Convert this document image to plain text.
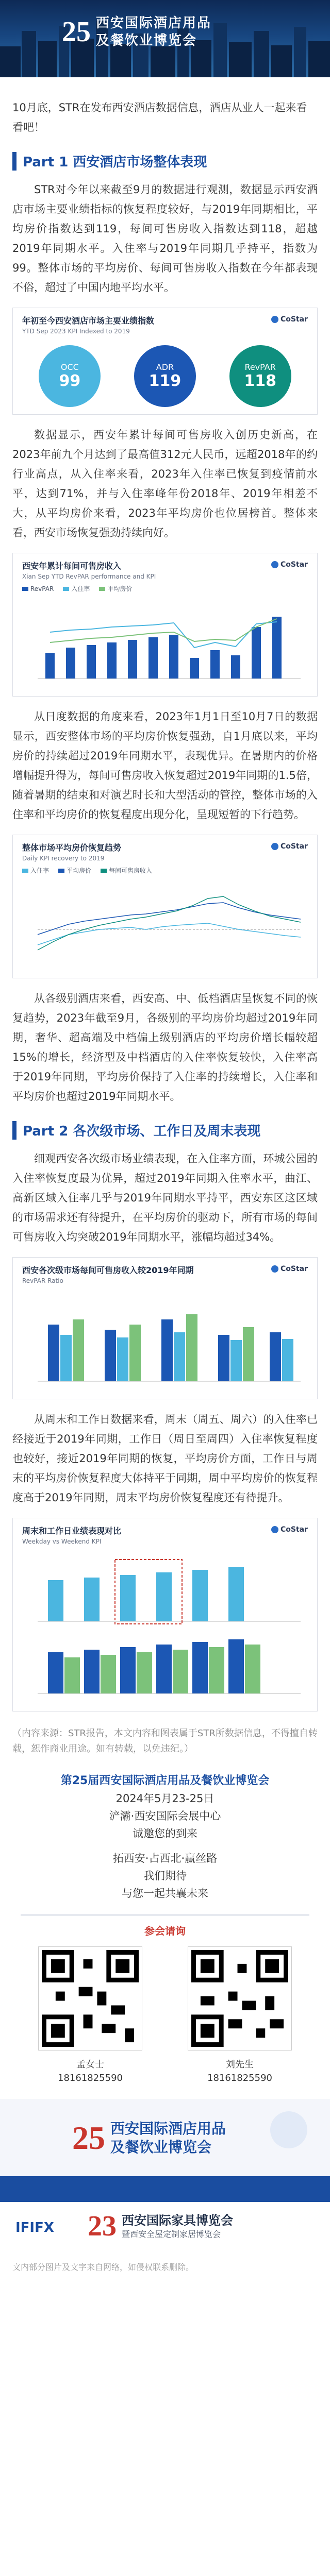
25 西安国际酒店用品
及餐饮业博览会
10月底，STR在发布西安酒店数据信息，酒店从业人一起来看看吧！
Part 1 西安酒店市场整体表现

STR对今年以来截至9月的数据进行观测，数据显示西安酒店市场主要业绩指标的恢复程度较好，与2019年同期相比，平均房价指数达到119，每间可售房收入指数达到118，超越2019年同期水平。入住率与2019年同期几乎持平，指数为99。整体市场的平均房价、每间可售房收入指数在今年都表现不俗，超过了中国内地平均水平。

年初至今西安酒店市场主要业绩指数
YTD Sep 2023 KPI Indexed to 2019
CoStar
OCC
99
ADR
119
RevPAR
118

数据显示，西安年累计每间可售房收入创历史新高，在2023年前九个月达到了最高值312元人民币，远超2018年的约行业高点，从入住率来看，2023年入住率已恢复到疫情前水平，达到71%，并与入住率峰年份2018年、2019年相差不大，从平均房价来看，2023年平均房价也位居榜首。整体来看，西安市场恢复强劲持续向好。

西安年累计每间可售房收入
Xian Sep YTD RevPAR performance and KPI
CoStar
RevPAR	入住率	平均房价

从日度数据的角度来看，2023年1月1日至10月7日的数据显示，西安整体市场的平均房价恢复强劲，自1月底以来，平均房价的持续超过2019年同期水平，表现优异。在暑期内的价格增幅提升得为，每间可售房收入恢复超过2019年同期的1.5倍，随着暑期的结束和对演艺时长和大型活动的管控，整体市场的入住率和平均房价的恢复程度出现分化，呈现短暂的下行趋势。

整体市场平均房价恢复趋势
Daily KPI recovery to 2019
CoStar
入住率	平均房价	每间可售房收入

从各级别酒店来看，西安高、中、低档酒店呈恢复不同的恢复趋势，2023年截至9月，各级别的平均房价均超过2019年同期，奢华、超高端及中档偏上级别酒店的平均房价增长幅较超15%的增长，经济型及中档酒店的入住率恢复较快，入住率高于2019年同期，平均房价保持了入住率的持续增长，入住率和平均房价也超过2019年同期水平。

Part 2 各次级市场、工作日及周末表现

细观西安各次级市场业绩表现，在入住率方面，环城公园的入住率恢复度最为优异，超过2019年同期入住率水平，曲江、高新区域入住率几乎与2019年同期水平持平，西安东区这区域的市场需求还有待提升，在平均房价的驱动下，所有市场的每间可售房收入均突破2019年同期水平，涨幅均超过34%。

西安各次级市场每间可售房收入较2019年同期
RevPAR Ratio
CoStar

从周末和工作日数据来看，周末（周五、周六）的入住率已经接近于2019年同期，工作日（周日至周四）入住率恢复程度也较好，接近2019年同期的恢复，平均房价方面，工作日与周末的平均房价恢复程度大体持平于同期，周中平均房价的恢复程度高于2019年同期，周末平均房价恢复程度还有待提升。

周末和工作日业绩表现对比
Weekday vs Weekend KPI
CoStar

（内容来源：STR报告，本文内容和图表属于STR所数据信息，不得擅自转载，恕作商业用途。如有转载，以免违纪。）

第25届西安国际酒店用品及餐饮业博览会
2024年5月23-25日
浐灞·西安国际会展中心
诚邀您的到来
拓西安·占西北·赢丝路
我们期待
与您一起共襄未来
参会请询
孟女士
18161825590
刘先生
18161825590
25 西安国际酒店用品
及餐饮业博览会
IFIFX 23 西安国际家具博览会
暨西安全屋定制家居博览会

文内部分图片及文字来自网络，如侵权联系删除。
